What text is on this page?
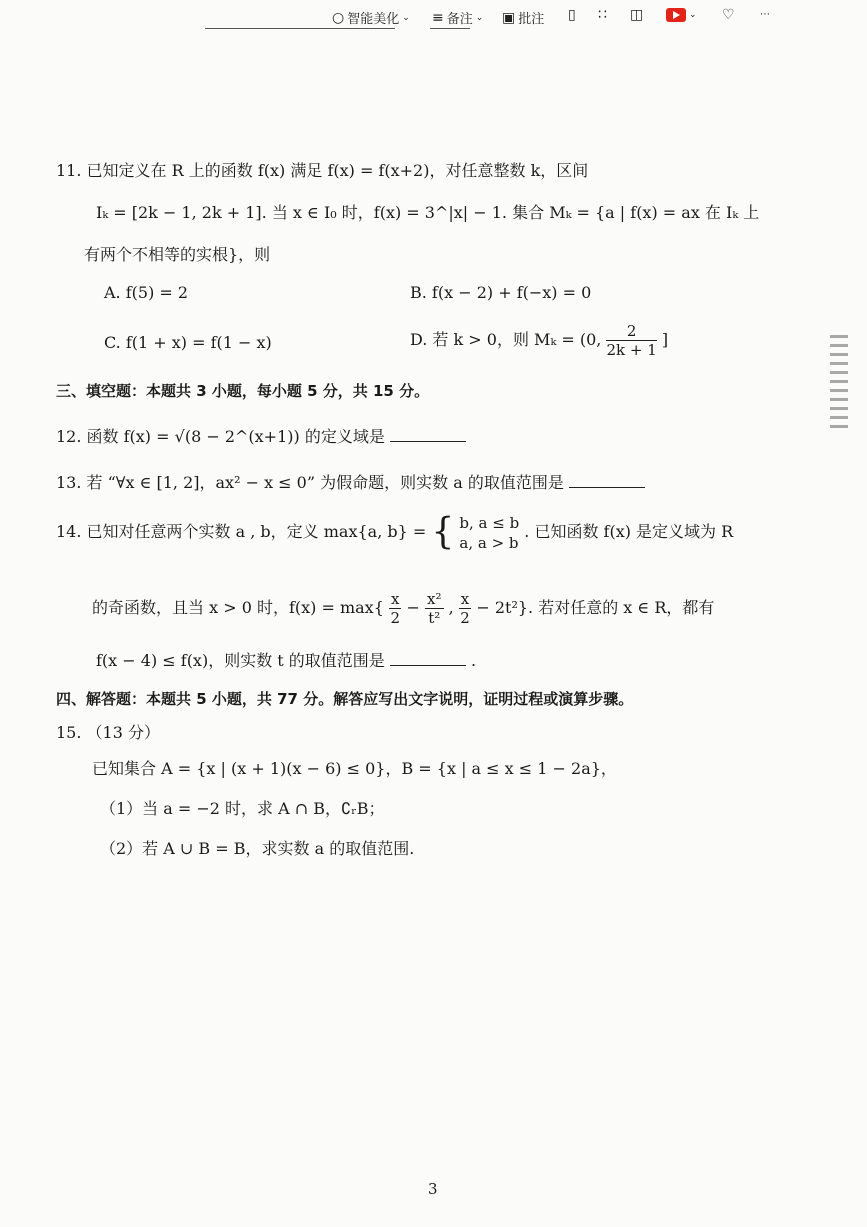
○ 智能美化 ⌄ ≡ 备注 ⌄ ▣ 批注 ▯ ∷ ◫	⌄ ♡	⋯
11. 已知定义在 R 上的函数 f(x) 满足 f(x) = f(x+2)，对任意整数 k，区间
Iₖ = [2k − 1, 2k + 1]. 当 x ∈ I₀ 时，f(x) = 3^|x| − 1. 集合 Mₖ = {a | f(x) = ax 在 Iₖ 上
有两个不相等的实根}，则
A. f(5) = 2	B. f(x − 2) + f(−x) = 0
C. f(1 + x) = f(1 − x)	D. 若 k > 0，则 Mₖ = (0, $\frac{2}{2k + 1}$ ]
三、填空题：本题共 3 小题，每小题 5 分，共 15 分。
12. 函数 f(x) = √(8 − 2^(x+1)) 的定义域是
13. 若 “∀x ∈ [1, 2]，ax² − x ≤ 0” 为假命题，则实数 a 的取值范围是
14. 已知对任意两个实数 a , b，定义 max{a, b} = { b, a ≤ b
a, a > b
. 已知函数 f(x) 是定义域为 R
的奇函数，且当 x > 0 时，$f(x) = \max\{ \frac{x}{2} - \frac{\text{x²}}{\text{t²}}$ , $\frac{x}{2} - 2t^2$}. 若对任意的 x ∈ R，都有
f(x − 4) ≤ f(x)，则实数 t 的取值范围是	.
四、解答题：本题共 5 小题，共 77 分。解答应写出文字说明，证明过程或演算步骤。
15. （13 分）
已知集合 A = {x | (x + 1)(x − 6) ≤ 0}，B = {x | a ≤ x ≤ 1 − 2a}，
（1）当 a = −2 时，求 A ∩ B，∁ᵣB；
（2）若 A ∪ B = B，求实数 a 的取值范围.
3
